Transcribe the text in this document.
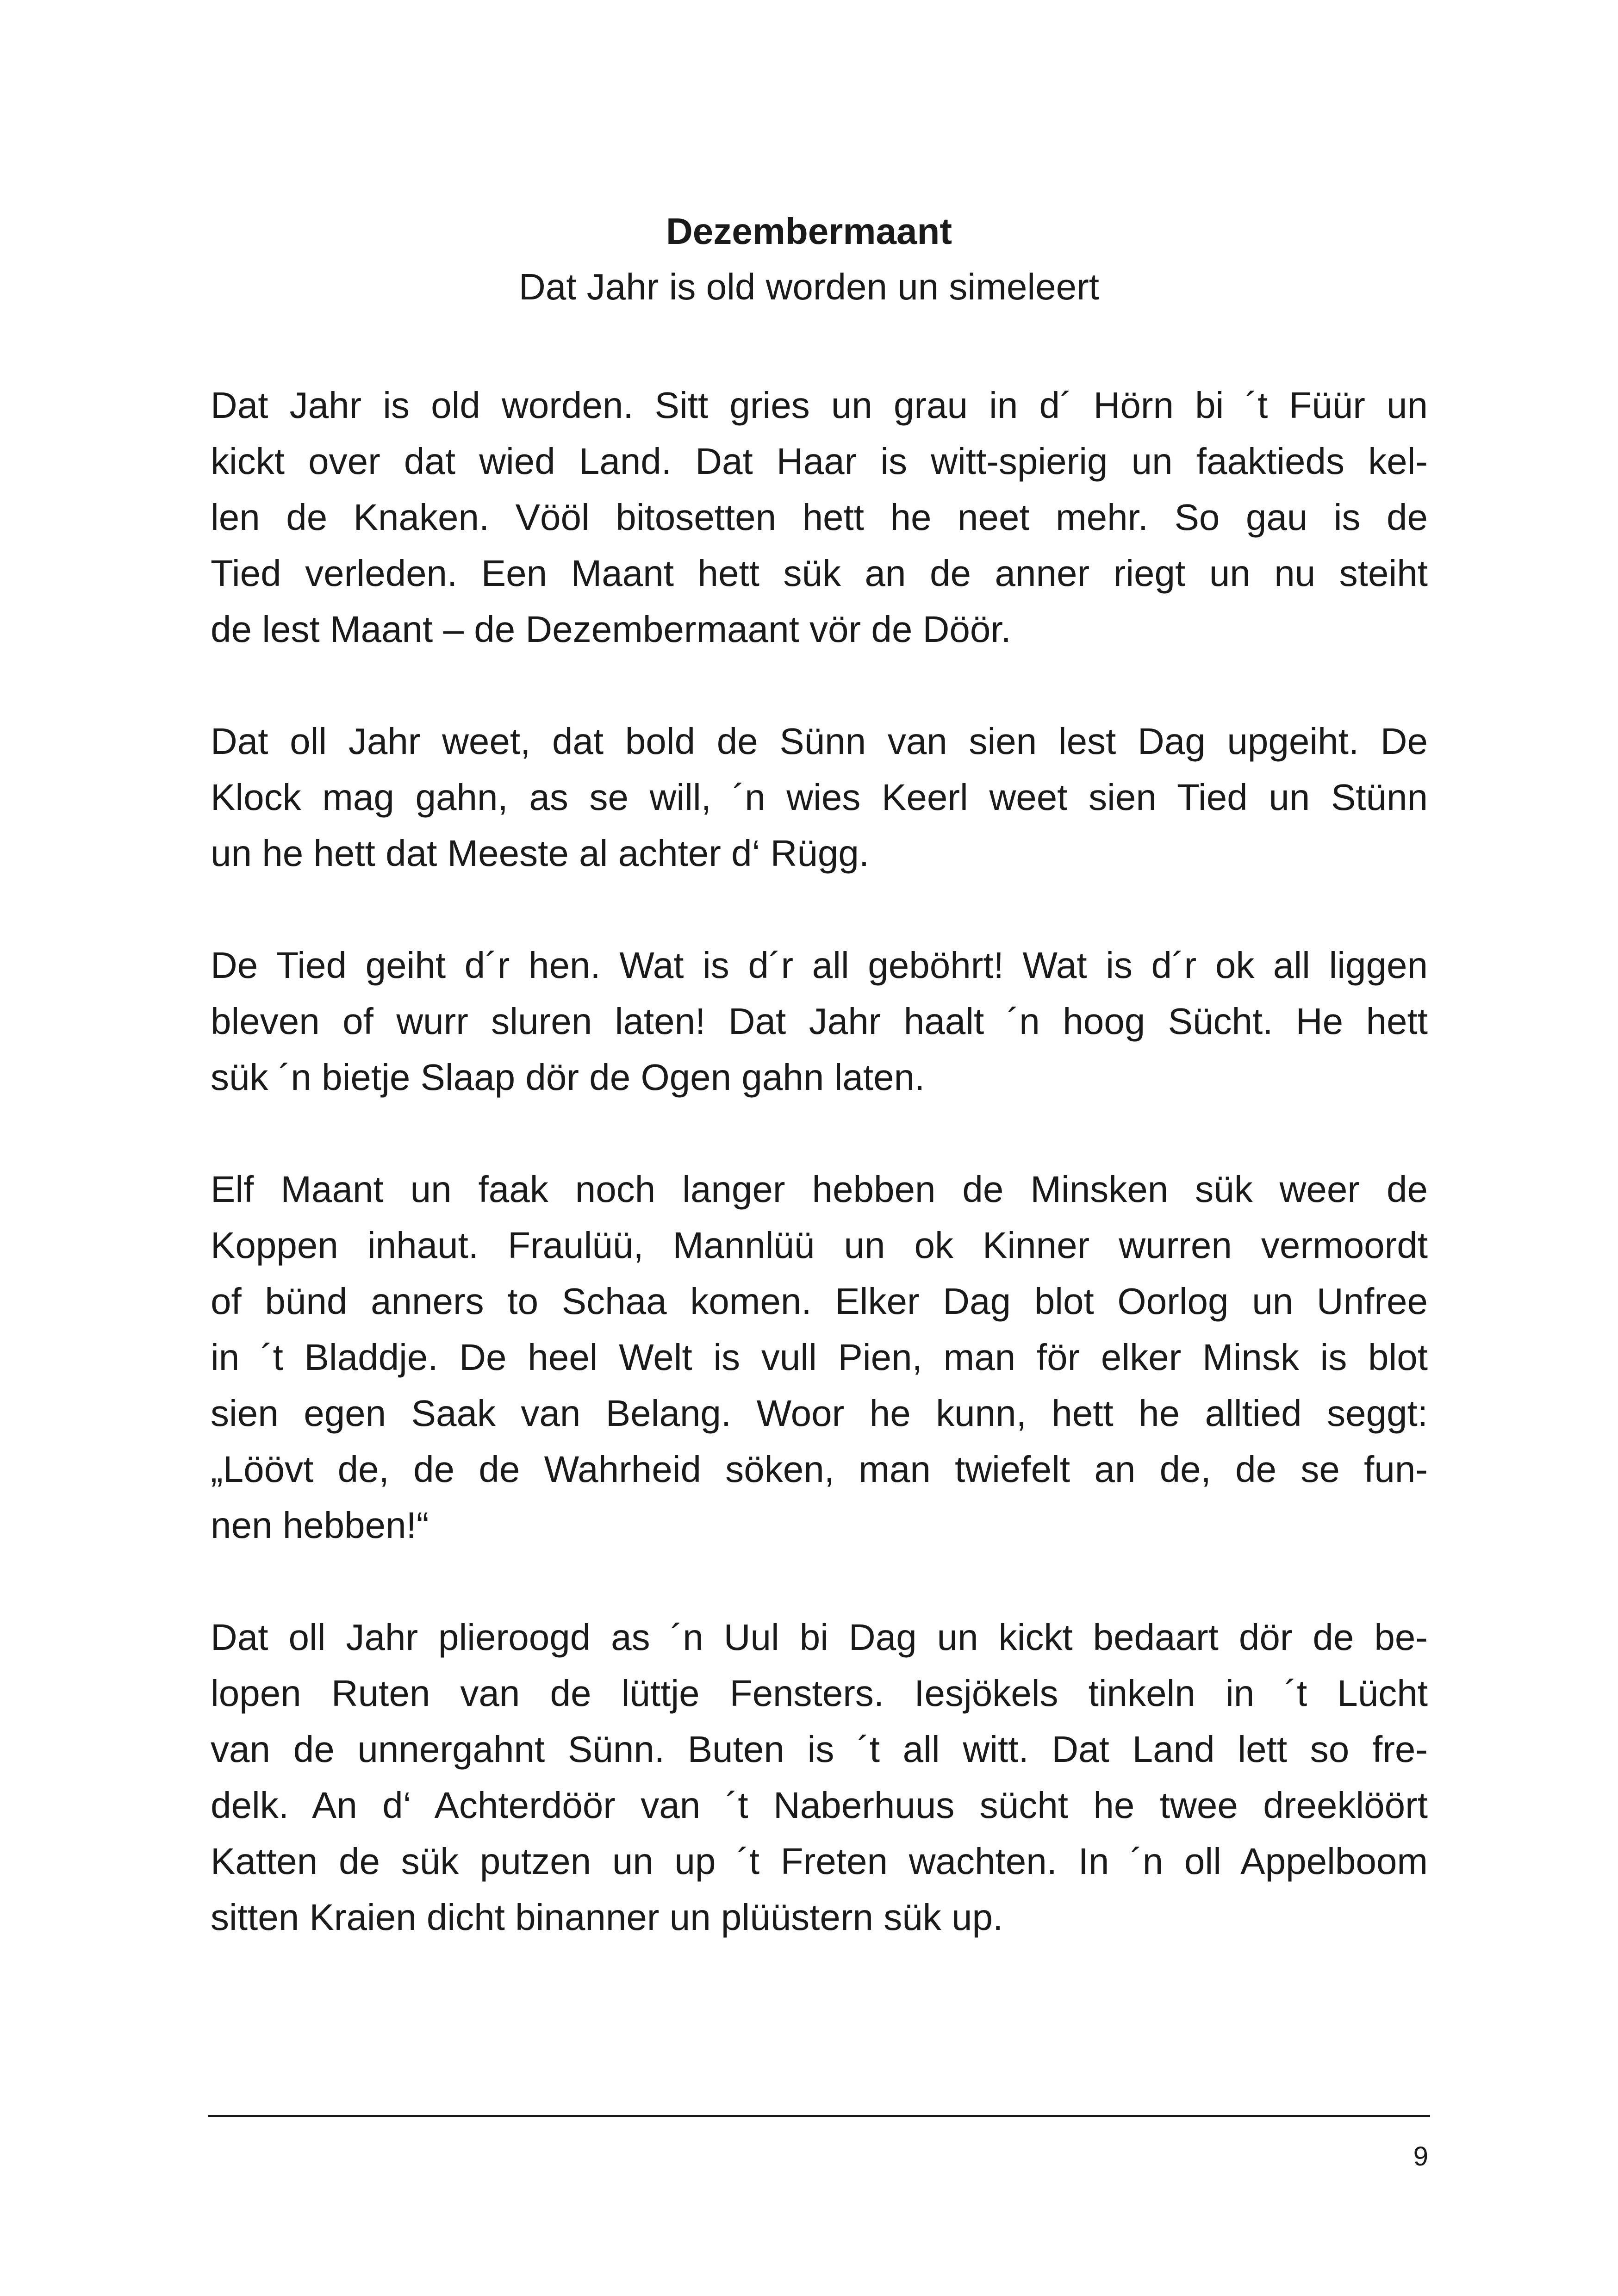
Dezembermaant

Dat Jahr is old worden un simeleert

Dat Jahr is old worden. Sitt gries un grau in d´ Hörn bi ´t Füür un
kickt over dat wied Land. Dat Haar is witt-spierig un faaktieds kel-
len de Knaken. Vööl bitosetten hett he neet mehr. So gau is de
Tied verleden. Een Maant hett sük an de anner riegt un nu steiht
de lest Maant – de Dezembermaant vör de Döör.
Dat oll Jahr weet, dat bold de Sünn van sien lest Dag upgeiht. De
Klock mag gahn, as se will, ´n wies Keerl weet sien Tied un Stünn
un he hett dat Meeste al achter d‘ Rügg.
De Tied geiht d´r hen. Wat is d´r all geböhrt! Wat is d´r ok all liggen
bleven of wurr sluren laten! Dat Jahr haalt ´n hoog Sücht. He hett
sük ´n bietje Slaap dör de Ogen gahn laten.
Elf Maant un faak noch langer hebben de Minsken sük weer de
Koppen inhaut. Fraulüü, Mannlüü un ok Kinner wurren vermoordt
of bünd anners to Schaa komen. Elker Dag blot Oorlog un Unfree
in ´t Bladdje. De heel Welt is vull Pien, man för elker Minsk is blot
sien egen Saak van Belang. Woor he kunn, hett he alltied seggt:
„Löövt de, de de Wahrheid söken, man twiefelt an de, de se fun-
nen hebben!“
Dat oll Jahr plieroogd as ´n Uul bi Dag un kickt bedaart dör de be-
lopen Ruten van de lüttje Fensters. Iesjökels tinkeln in ´t Lücht
van de unnergahnt Sünn. Buten is ´t all witt. Dat Land lett so fre-
delk. An d‘ Achterdöör van ´t Naberhuus sücht he twee dreeklöört
Katten de sük putzen un up ´t Freten wachten. In ´n oll Appelboom
sitten Kraien dicht binanner un plüüstern sük up.
9
